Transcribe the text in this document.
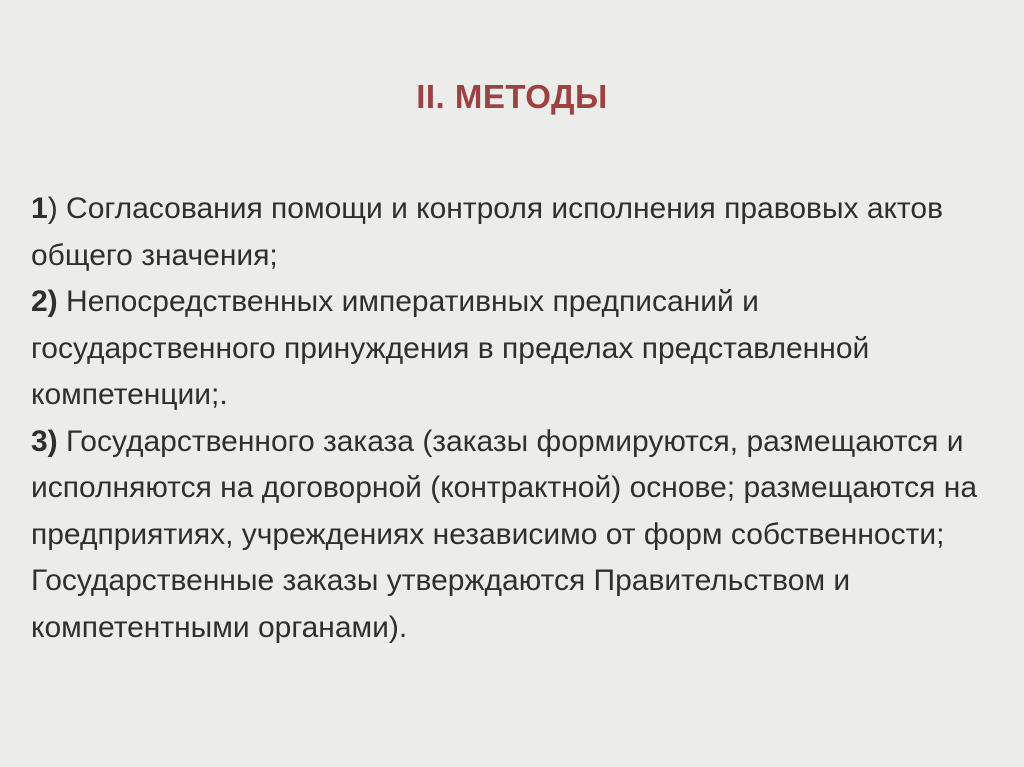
II. МЕТОДЫ
1) Согласования помощи и контроля исполнения правовых актов общего значения;
2) Непосредственных императивных предписаний и государственного принуждения в пределах представленной компетенции;.
3) Государственного заказа (заказы формируются, размещаются и исполняются на договорной (контрактной) основе; размещаются на предприятиях, учреждениях независимо от форм собственности; Государственные заказы утверждаются Правительством и компетентными органами).
